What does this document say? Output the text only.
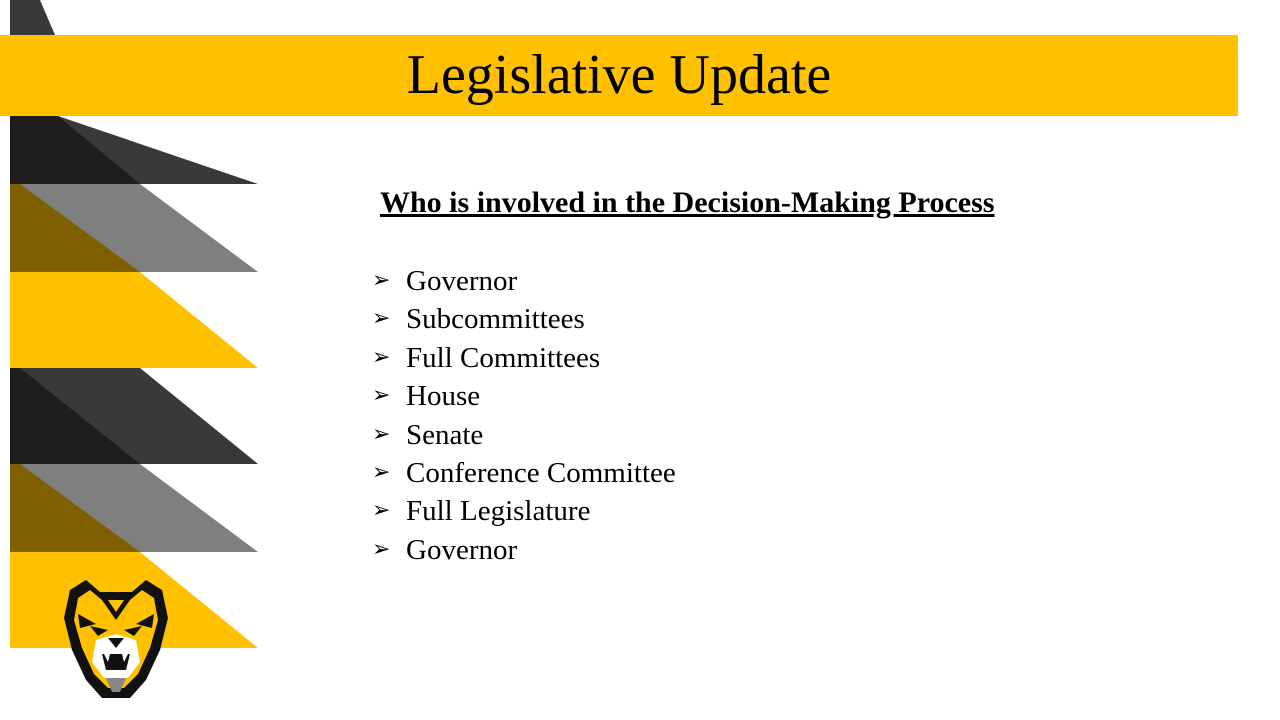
Legislative Update
Who is involved in the Decision-Making Process
➢ Governor
➢ Subcommittees
➢ Full Committees
➢ House
➢ Senate
➢ Conference Committee
➢ Full Legislature
➢ Governor
